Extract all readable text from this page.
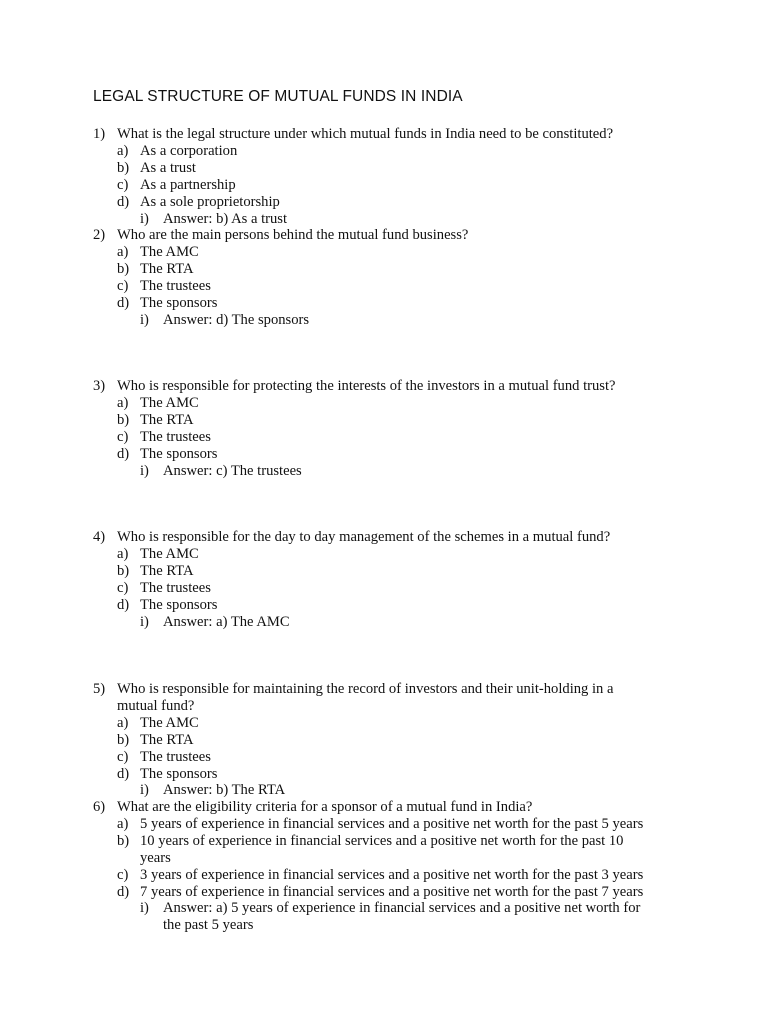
LEGAL STRUCTURE OF MUTUAL FUNDS IN INDIA
1) What is the legal structure under which mutual funds in India need to be constituted?
a) As a corporation
b) As a trust
c) As a partnership
d) As a sole proprietorship
i) Answer: b) As a trust
2) Who are the main persons behind the mutual fund business?
a) The AMC
b) The RTA
c) The trustees
d) The sponsors
i) Answer: d) The sponsors
3) Who is responsible for protecting the interests of the investors in a mutual fund trust?
a) The AMC
b) The RTA
c) The trustees
d) The sponsors
i) Answer: c) The trustees
4) Who is responsible for the day to day management of the schemes in a mutual fund?
a) The AMC
b) The RTA
c) The trustees
d) The sponsors
i) Answer: a) The AMC
5) Who is responsible for maintaining the record of investors and their unit-holding in a
mutual fund?
a) The AMC
b) The RTA
c) The trustees
d) The sponsors
i) Answer: b) The RTA
6) What are the eligibility criteria for a sponsor of a mutual fund in India?
a) 5 years of experience in financial services and a positive net worth for the past 5 years
b) 10 years of experience in financial services and a positive net worth for the past 10
years
c) 3 years of experience in financial services and a positive net worth for the past 3 years
d) 7 years of experience in financial services and a positive net worth for the past 7 years
i) Answer: a) 5 years of experience in financial services and a positive net worth for
the past 5 years
